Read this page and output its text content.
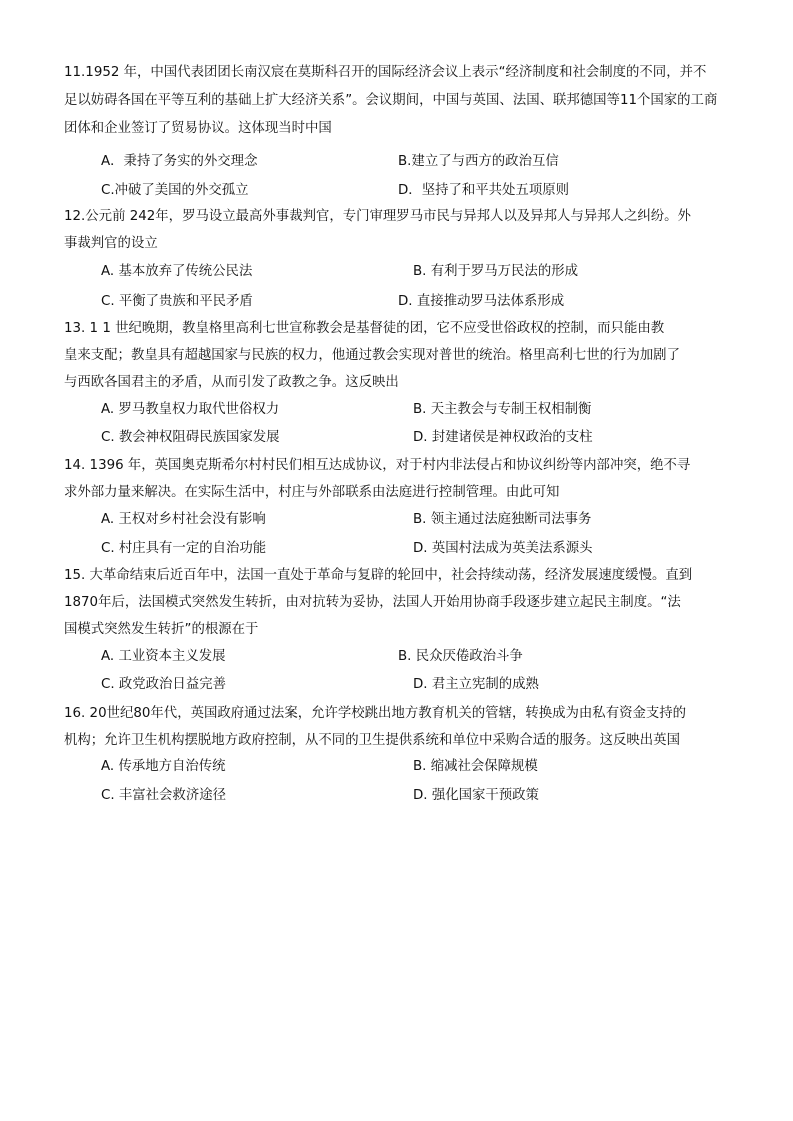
11.1952 年，中国代表团团长南汉宸在莫斯科召开的国际经济会议上表示“经济制度和社会制度的不同，并不
足以妨碍各国在平等互利的基础上扩大经济关系”。会议期间，中国与英国、法国、联邦德国等11个国家的工商
团体和企业签订了贸易协议。这体现当时中国
A．秉持了务实的外交理念	B.建立了与西方的政治互信
C.冲破了美国的外交孤立	D．坚持了和平共处五项原则
12.公元前 242年，罗马设立最高外事裁判官，专门审理罗马市民与异邦人以及异邦人与异邦人之纠纷。外
事裁判官的设立
A. 基本放弃了传统公民法	B. 有利于罗马万民法的形成
C. 平衡了贵族和平民矛盾	D. 直接推动罗马法体系形成
13. 1 1 世纪晚期，教皇格里高利七世宣称教会是基督徒的团，它不应受世俗政权的控制，而只能由教
皇来支配；教皇具有超越国家与民族的权力，他通过教会实现对普世的统治。格里高利七世的行为加剧了
与西欧各国君主的矛盾，从而引发了政教之争。这反映出
A. 罗马教皇权力取代世俗权力	B. 天主教会与专制王权相制衡
C. 教会神权阻碍民族国家发展	D. 封建诸侯是神权政治的支柱
14. 1396 年，英国奥克斯希尔村村民们相互达成协议，对于村内非法侵占和协议纠纷等内部冲突，绝不寻
求外部力量来解决。在实际生活中，村庄与外部联系由法庭进行控制管理。由此可知
A. 王权对乡村社会没有影响	B. 领主通过法庭独断司法事务
C. 村庄具有一定的自治功能	D. 英国村法成为英美法系源头
15. 大革命结束后近百年中，法国一直处于革命与复辟的轮回中，社会持续动荡，经济发展速度缓慢。直到
1870年后，法国模式突然发生转折，由对抗转为妥协，法国人开始用协商手段逐步建立起民主制度。“法
国模式突然发生转折”的根源在于
A. 工业资本主义发展	B. 民众厌倦政治斗争
C. 政党政治日益完善	D. 君主立宪制的成熟
16. 20世纪80年代，英国政府通过法案，允许学校跳出地方教育机关的管辖，转换成为由私有资金支持的
机构；允许卫生机构摆脱地方政府控制，从不同的卫生提供系统和单位中采购合适的服务。这反映出英国
A. 传承地方自治传统	B. 缩减社会保障规模
C. 丰富社会救济途径	D. 强化国家干预政策
